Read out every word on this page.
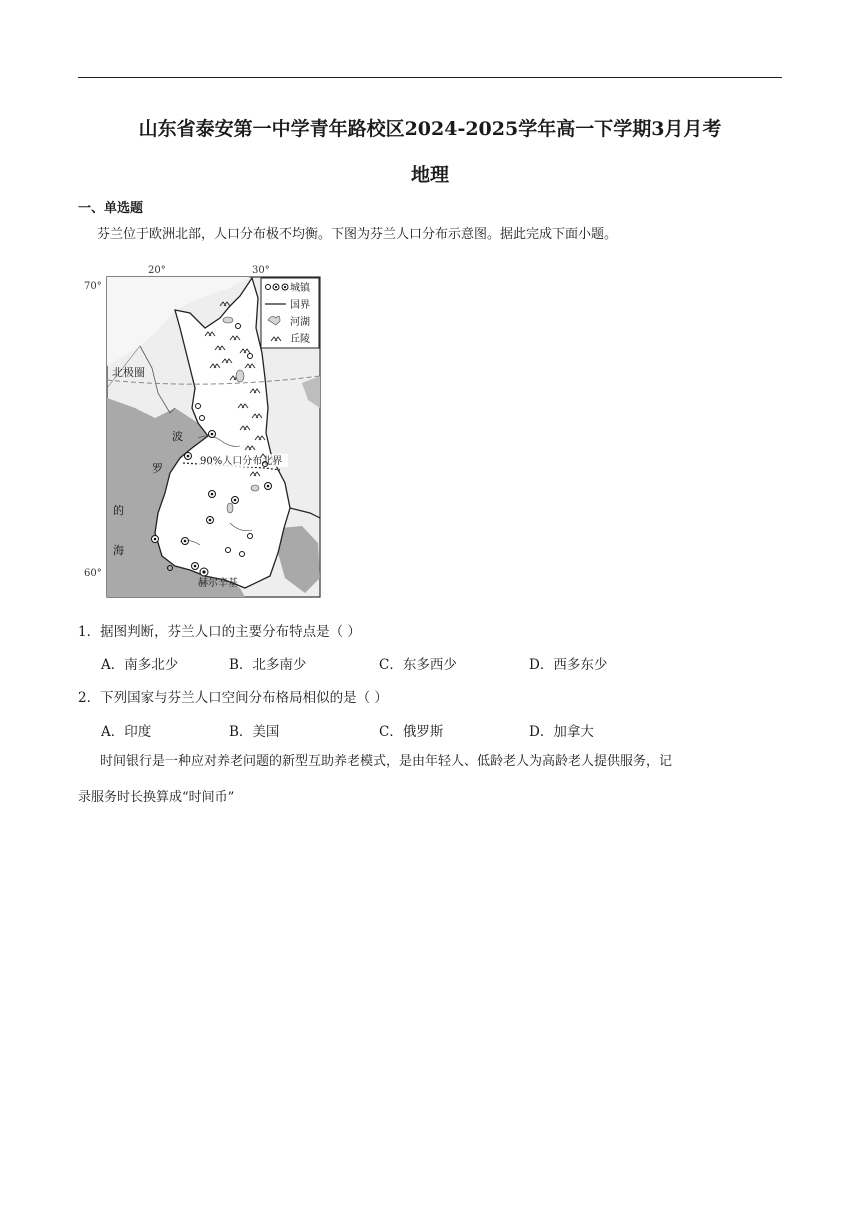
山东省泰安第一中学青年路校区2024-2025学年高一下学期3月月考
地理
一、单选题
芬兰位于欧洲北部，人口分布极不均衡。下图为芬兰人口分布示意图。据此完成下面小题。
20°	30°
70°
60°
北极圈
波
罗
的
海
90%人口分布北界
赫尔辛基
城镇
国界
河湖
丘陵
1．据图判断，芬兰人口的主要分布特点是（ ）
A．南多北少	B．北多南少	C．东多西少	D．西多东少
2．下列国家与芬兰人口空间分布格局相似的是（ ）
A．印度	B．美国	C．俄罗斯	D．加拿大
时间银行是一种应对养老问题的新型互助养老模式，是由年轻人、低龄老人为高龄老人提供服务，记
录服务时长换算成“时间币”
